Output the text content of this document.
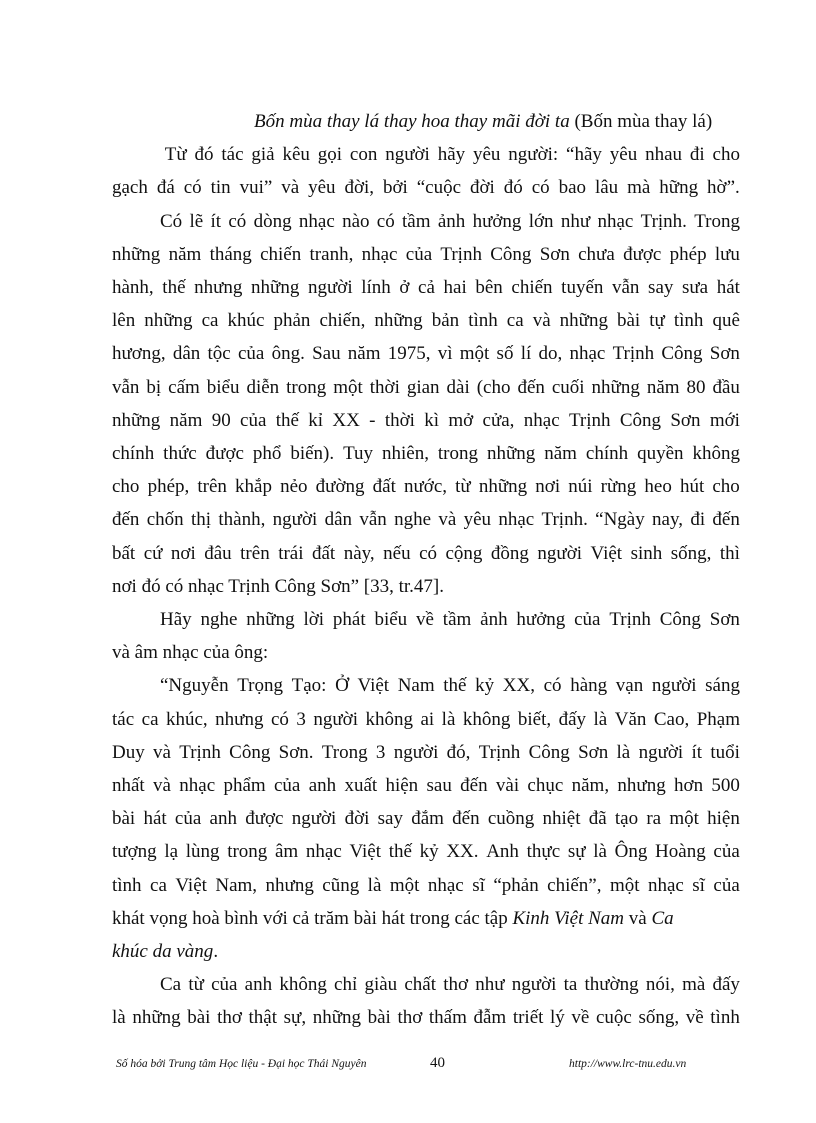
Bốn mùa thay lá thay hoa thay mãi đời ta (Bốn mùa thay lá)
Từ đó tác giả kêu gọi con người hãy yêu người: “hãy yêu nhau đi cho
gạch đá có tin vui” và yêu đời, bởi “cuộc đời đó có bao lâu mà hững hờ”.
Có lẽ ít có dòng nhạc nào có tầm ảnh hưởng lớn như nhạc Trịnh. Trong
những năm tháng chiến tranh, nhạc của Trịnh Công Sơn chưa được phép lưu
hành, thế nhưng những người lính ở cả hai bên chiến tuyến vẫn say sưa hát
lên những ca khúc phản chiến, những bản tình ca và những bài tự tình quê
hương, dân tộc của ông. Sau năm 1975, vì một số lí do, nhạc Trịnh Công Sơn
vẫn bị cấm biểu diễn trong một thời gian dài (cho đến cuối những năm 80 đầu
những năm 90 của thế kỉ XX - thời kì mở cửa, nhạc Trịnh Công Sơn mới
chính thức được phổ biến). Tuy nhiên, trong những năm chính quyền không
cho phép, trên khắp nẻo đường đất nước, từ những nơi núi rừng heo hút cho
đến chốn thị thành, người dân vẫn nghe và yêu nhạc Trịnh. “Ngày nay, đi đến
bất cứ nơi đâu trên trái đất này, nếu có cộng đồng người Việt sinh sống, thì
nơi đó có nhạc Trịnh Công Sơn” [33, tr.47].
Hãy nghe những lời phát biểu về tầm ảnh hưởng của Trịnh Công Sơn
và âm nhạc của ông:
“Nguyễn Trọng Tạo: Ở Việt Nam thế kỷ XX, có hàng vạn người sáng
tác ca khúc, nhưng có 3 người không ai là không biết, đấy là Văn Cao, Phạm
Duy và Trịnh Công Sơn. Trong 3 người đó, Trịnh Công Sơn là người ít tuổi
nhất và nhạc phẩm của anh xuất hiện sau đến vài chục năm, nhưng hơn 500
bài hát của anh được người đời say đắm đến cuồng nhiệt đã tạo ra một hiện
tượng lạ lùng trong âm nhạc Việt thế kỷ XX. Anh thực sự là Ông Hoàng của
tình ca Việt Nam, nhưng cũng là một nhạc sĩ “phản chiến”, một nhạc sĩ của
khát vọng hoà bình với cả trăm bài hát trong các tập Kinh Việt Nam và Ca
khúc da vàng .
Ca từ của anh không chỉ giàu chất thơ như người ta thường nói, mà đấy
là những bài thơ thật sự, những bài thơ thấm đẫm triết lý về cuộc sống, về tình
Số hóa bởi Trung tâm Học liệu - Đại học Thái Nguyên	40	http://www.lrc-tnu.edu.vn
